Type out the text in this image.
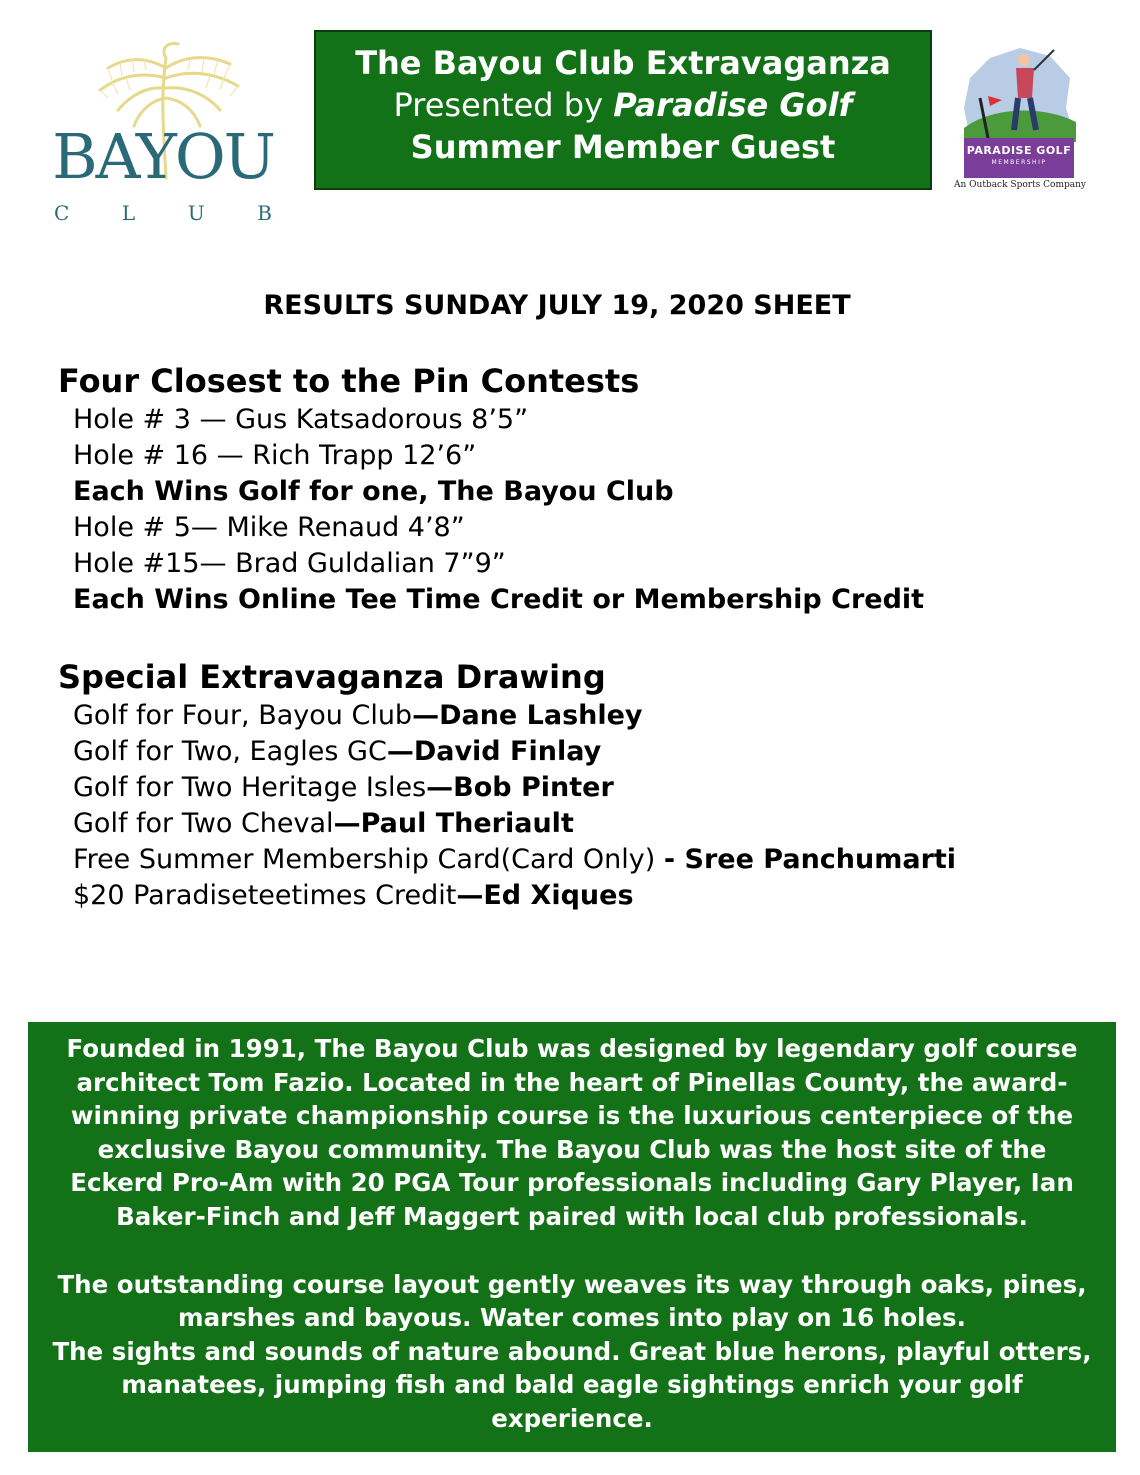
BAYOU
C	L	U	B
The Bayou Club Extravaganza
Presented by Paradise Golf
Summer Member Guest	PARADISE GOLF
MEMBERSHIP
An Outback Sports Company
RESULTS SUNDAY JULY 19, 2020 SHEET
Four Closest to the Pin Contests
Hole # 3 — Gus Katsadorous 8’5”
Hole # 16 — Rich Trapp 12’6”
Each Wins Golf for one, The Bayou Club
Hole # 5— Mike Renaud 4’8”
Hole #15— Brad Guldalian 7”9”
Each Wins Online Tee Time Credit or Membership Credit
Special Extravaganza Drawing
Golf for Four, Bayou Club—Dane Lashley
Golf for Two, Eagles GC—David Finlay
Golf for Two Heritage Isles—Bob Pinter
Golf for Two Cheval—Paul Theriault
Free Summer Membership Card(Card Only) - Sree Panchumarti
$20 Paradiseteetimes Credit—Ed Xiques

Founded in 1991, The Bayou Club was designed by legendary golf course
architect Tom Fazio. Located in the heart of Pinellas County, the award-
winning private championship course is the luxurious centerpiece of the
exclusive Bayou community. The Bayou Club was the host site of the
Eckerd Pro-Am with 20 PGA Tour professionals including Gary Player, Ian
Baker-Finch and Jeff Maggert paired with local club professionals.

The outstanding course layout gently weaves its way through oaks, pines,
marshes and bayous. Water comes into play on 16 holes.
The sights and sounds of nature abound. Great blue herons, playful otters,
manatees, jumping fish and bald eagle sightings enrich your golf
experience.
